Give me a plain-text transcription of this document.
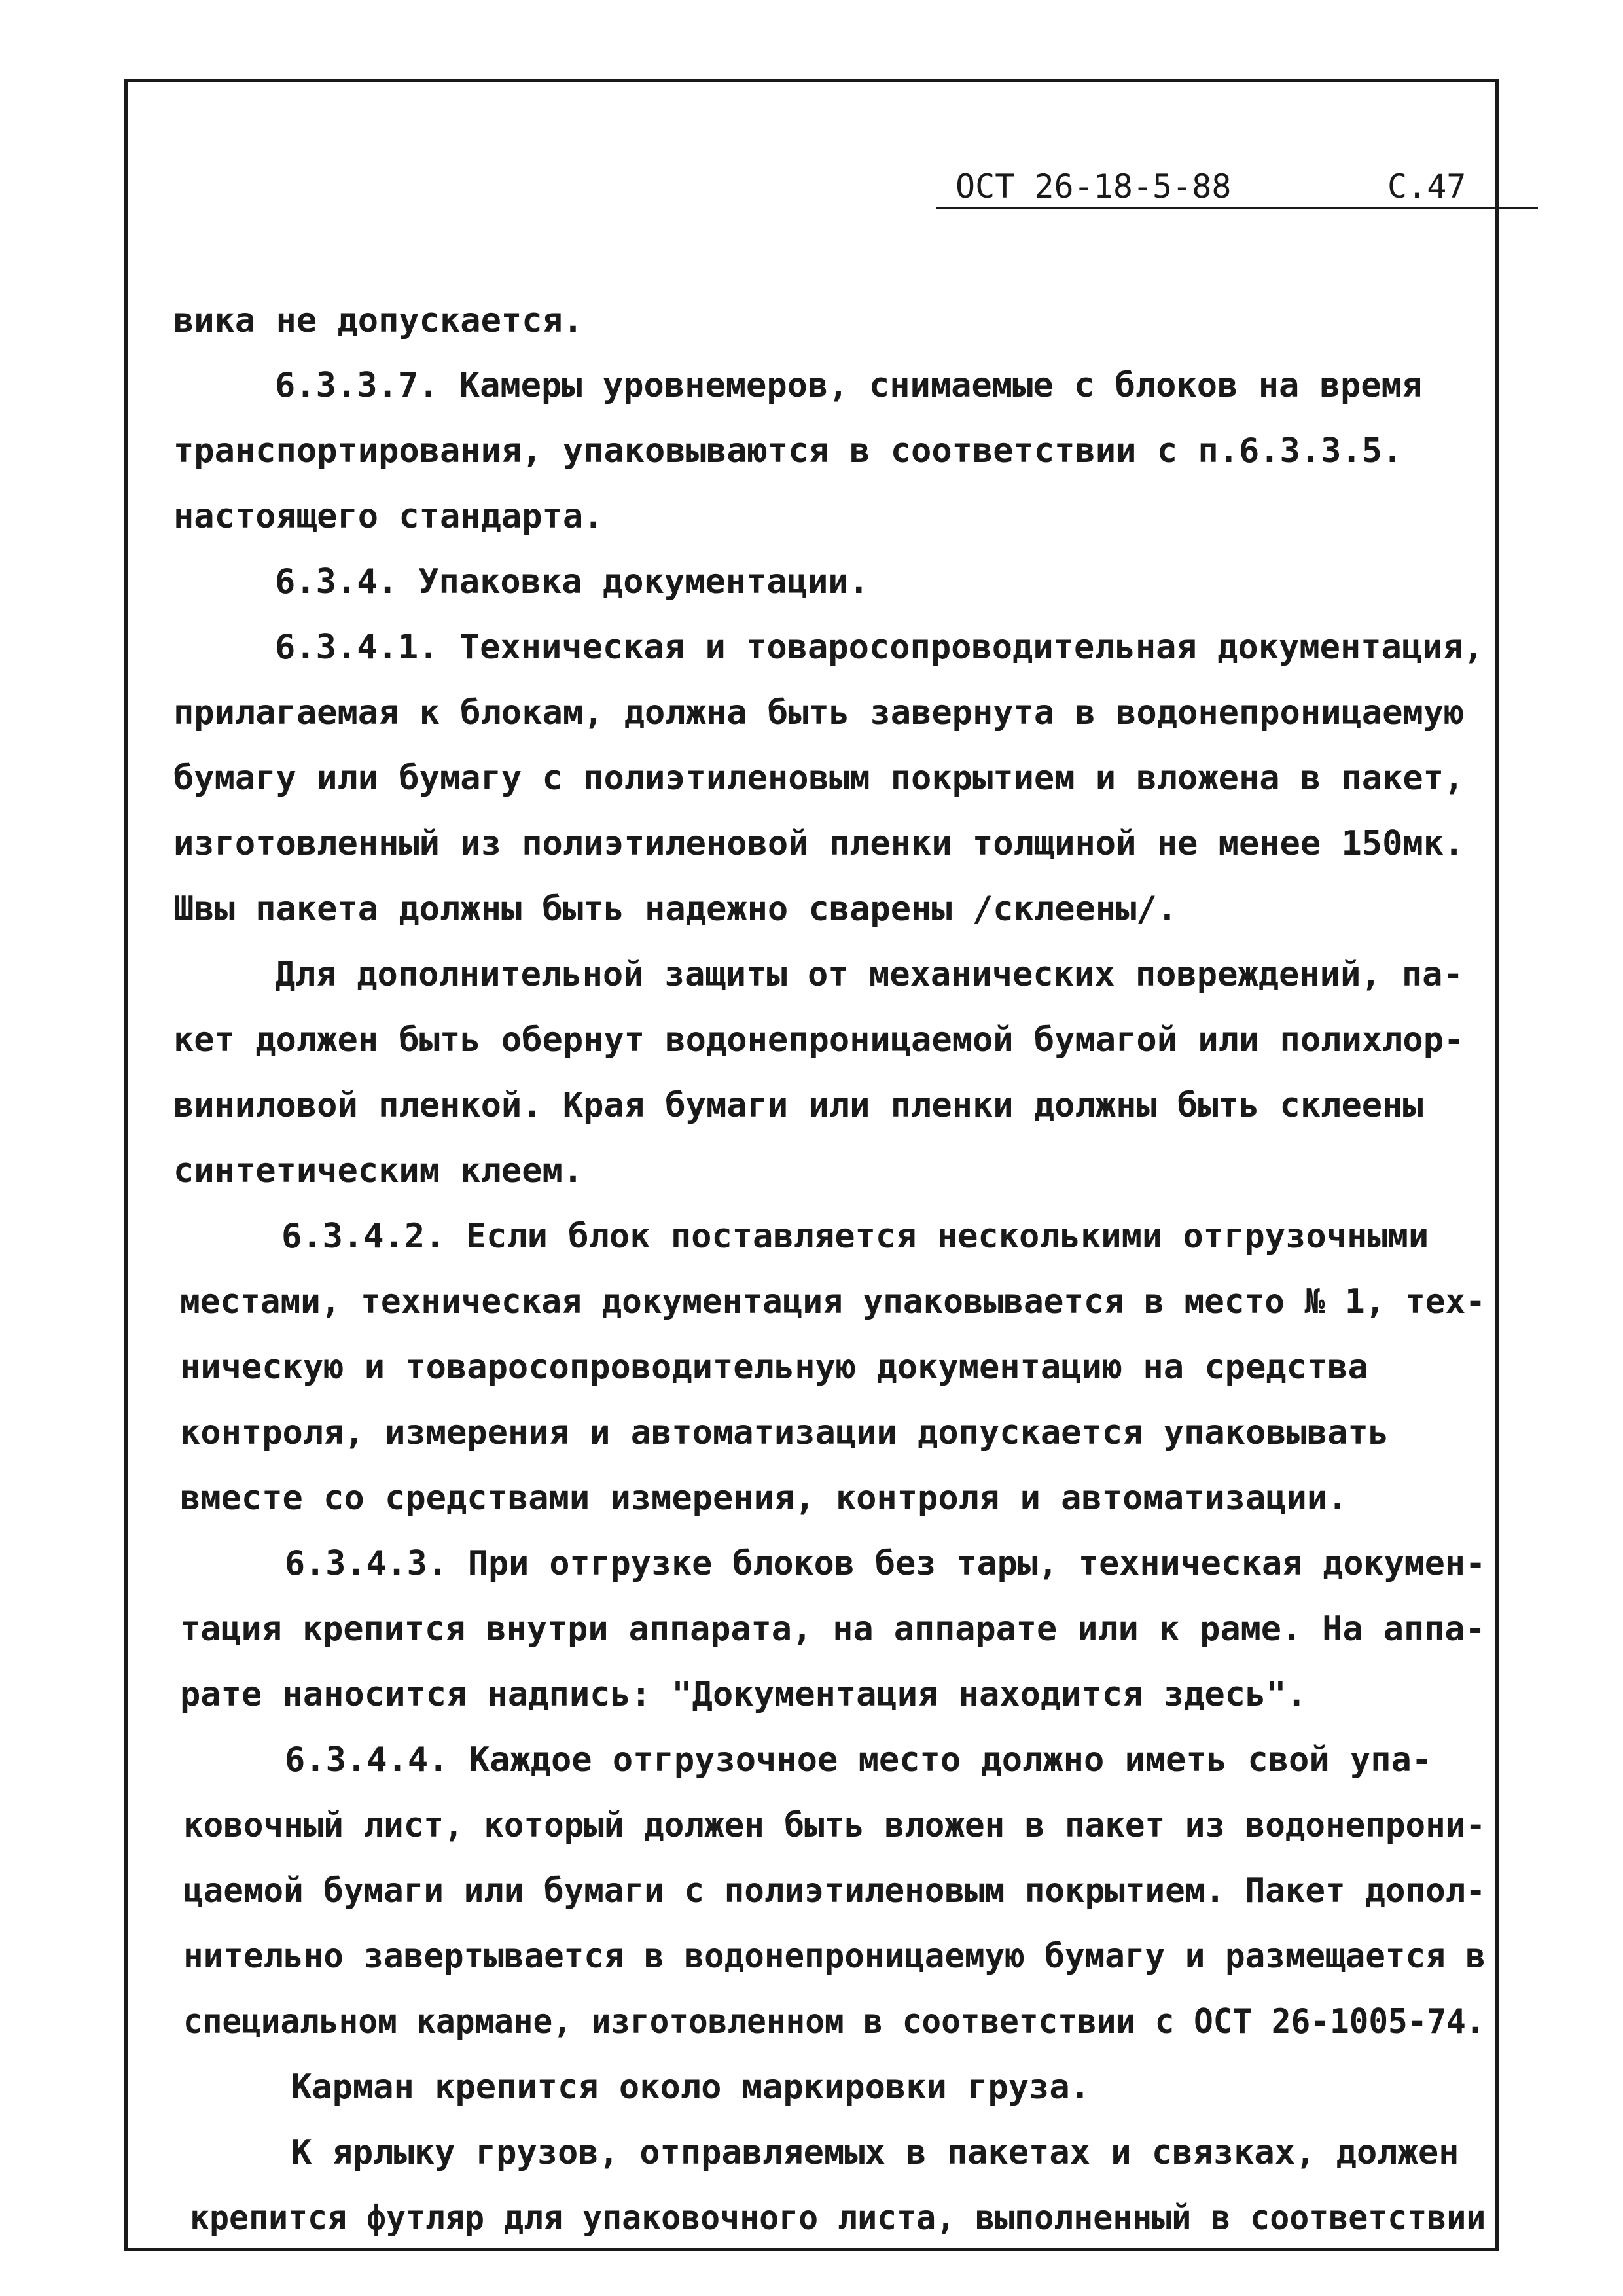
ОСТ 26-18-5-88	С.47
вика не допускается.
6.3.3.7. Камеры уровнемеров, снимаемые с блоков на время
транспортирования, упаковываются в соответствии с п.6.3.3.5.
настоящего стандарта.
6.3.4. Упаковка документации.
6.3.4.1. Техническая и товаросопроводительная документация,
прилагаемая к блокам, должна быть завернута в водонепроницаемую
бумагу или бумагу с полиэтиленовым покрытием и вложена в пакет,
изготовленный из полиэтиленовой пленки толщиной не менее 150мк.
Швы пакета должны быть надежно сварены /склеены/.
Для дополнительной защиты от механических повреждений, па-
кет должен быть обернут водонепроницаемой бумагой или полихлор-
виниловой пленкой. Края бумаги или пленки должны быть склеены
синтетическим клеем.
6.3.4.2. Если блок поставляется несколькими отгрузочными
местами, техническая документация упаковывается в место № 1, тех-
ническую и товаросопроводительную документацию на средства
контроля, измерения и автоматизации допускается упаковывать
вместе со средствами измерения, контроля и автоматизации.
6.3.4.3. При отгрузке блоков без тары, техническая докумен-
тация крепится внутри аппарата, на аппарате или к раме. На аппа-
рате наносится надпись: "Документация находится здесь".
6.3.4.4. Каждое отгрузочное место должно иметь свой упа-
ковочный лист, который должен быть вложен в пакет из водонепрони-
цаемой бумаги или бумаги с полиэтиленовым покрытием. Пакет допол-
нительно завертывается в водонепроницаемую бумагу и размещается в
специальном кармане, изготовленном в соответствии с ОСТ 26-1005-74.
Карман крепится около маркировки груза.
К ярлыку грузов, отправляемых в пакетах и связках, должен
крепится футляр для упаковочного листа, выполненный в соответствии
